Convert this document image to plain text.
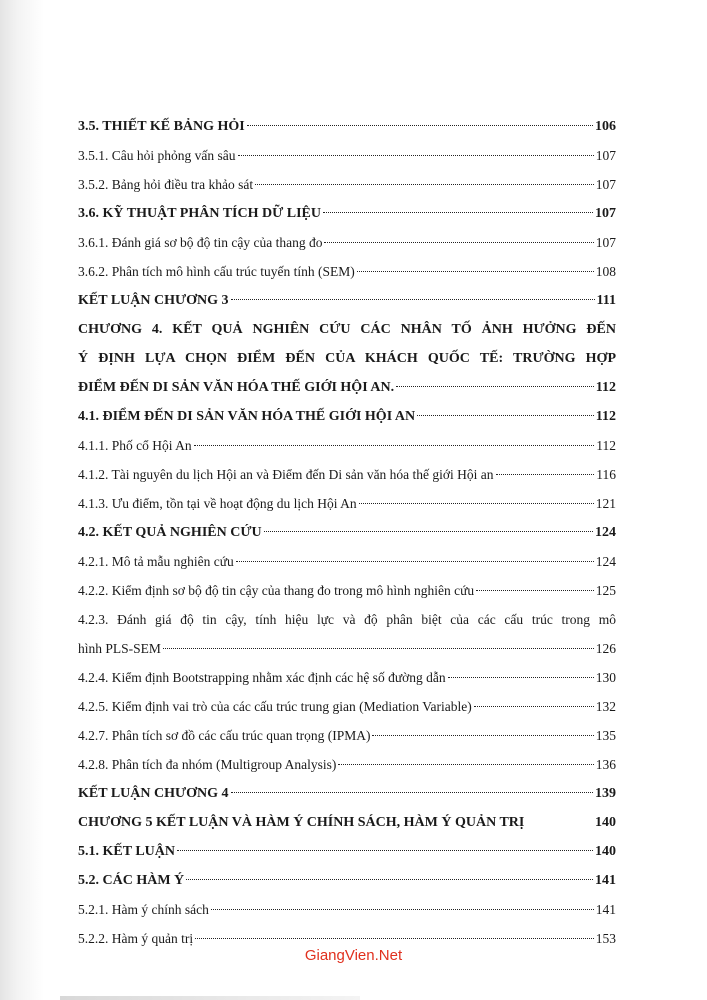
3.5. THIẾT KẾ BẢNG HỎI	106
3.5.1. Câu hỏi phỏng vấn sâu	107
3.5.2. Bảng hỏi điều tra khảo sát	107
3.6. KỸ THUẬT PHÂN TÍCH DỮ LIỆU	107
3.6.1. Đánh giá sơ bộ độ tin cậy của thang đo	107
3.6.2. Phân tích mô hình cấu trúc tuyến tính (SEM)	108
KẾT LUẬN CHƯƠNG 3	111
CHƯƠNG 4. KẾT QUẢ NGHIÊN CỨU CÁC NHÂN TỐ ẢNH HƯỞNG ĐẾN
Ý ĐỊNH LỰA CHỌN ĐIỂM ĐẾN CỦA KHÁCH QUỐC TẾ: TRƯỜNG HỢP
ĐIỂM ĐẾN DI SẢN VĂN HÓA THẾ GIỚI HỘI AN.	112
4.1. ĐIỂM ĐẾN DI SẢN VĂN HÓA THẾ GIỚI HỘI AN	112
4.1.1. Phố cổ Hội An	112
4.1.2. Tài nguyên du lịch Hội an và Điểm đến Di sản văn hóa thế giới Hội an	116
4.1.3. Ưu điểm, tồn tại về hoạt động du lịch Hội An	121
4.2. KẾT QUẢ NGHIÊN CỨU	124
4.2.1. Mô tả mẫu nghiên cứu	124
4.2.2. Kiểm định sơ bộ độ tin cậy của thang đo trong mô hình nghiên cứu	125
4.2.3. Đánh giá độ tin cậy, tính hiệu lực và độ phân biệt của các cấu trúc trong mô
hình PLS-SEM	126
4.2.4. Kiểm định Bootstrapping nhằm xác định các hệ số đường dẫn	130
4.2.5. Kiểm định vai trò của các cấu trúc trung gian (Mediation Variable)	132
4.2.7. Phân tích sơ đồ các cấu trúc quan trọng (IPMA)	135
4.2.8. Phân tích đa nhóm (Multigroup Analysis)	136
KẾT LUẬN CHƯƠNG 4	139
CHƯƠNG 5 KẾT LUẬN VÀ HÀM Ý CHÍNH SÁCH, HÀM Ý QUẢN TRỊ	140
5.1. KẾT LUẬN	140
5.2. CÁC HÀM Ý	141
5.2.1. Hàm ý chính sách	141
5.2.2. Hàm ý quản trị	153
GiangVien.Net
